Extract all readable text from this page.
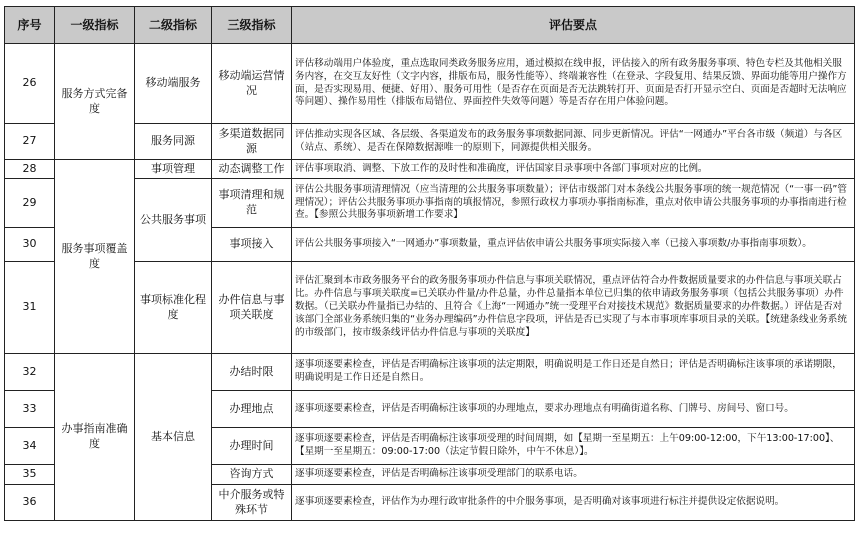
序号	一级指标	二级指标	三级指标	评估要点
26	服务方式完备度	移动端服务	移动端运营情况	评估移动端用户体验度，重点选取同类政务服务应用，通过模拟在线申报，评估接入的所有政务服务事项、特色专栏及其他相关服务内容，在交互友好性（文字内容，排版布局，服务性能等）、终端兼容性（在登录、字段复用、结果反馈、界面功能等用户操作方面，是否实现易用、便捷、好用）、服务可用性（是否存在页面是否无法跳转打开、页面是否打开显示空白、页面是否超时无法响应等问题）、操作易用性（排版布局错位、界面控件失效等问题）等是否存在用户体验问题。
27		服务同源	多渠道数据同源	评估推动实现各区域、各层级、各渠道发布的政务服务事项数据同源、同步更新情况。评估“一网通办”平台各市级（频道）与各区（站点、系统）、是否在保障数据源唯一的原则下，同源提供相关服务。
28	服务事项覆盖度	事项管理	动态调整工作	评估事项取消、调整、下放工作的及时性和准确度，评估国家目录事项中各部门事项对应的比例。
29		公共服务事项	事项清理和规范	评估公共服务事项清理情况（应当清理的公共服务事项数量）；评估市级部门对本条线公共服务事项的统一规范情况（“一事一码”管理情况）；评估公共服务事项办事指南的填报情况，参照行政权力事项办事指南标准，重点对依申请公共服务事项的办事指南进行检查。【参照公共服务事项新增工作要求】
30			事项接入	评估公共服务事项接入“一网通办”事项数量，重点评估依申请公共服务事项实际接入率（已接入事项数/办事指南事项数）。
31		事项标准化程度	办件信息与事项关联度	评估汇聚到本市政务服务平台的政务服务事项办件信息与事项关联情况，重点评估符合办件数据质量要求的办件信息与事项关联占比。办件信息与事项关联度=已关联办件量/办件总量，办件总量指本单位已归集的依申请政务服务事项（包括公共服务事项）办件数据。（已关联办件量指已办结的、且符合《上海“一网通办”统一受理平台对接技术规范》数据质量要求的办件数据。）评估是否对该部门全部业务系统归集的“业务办理编码”办件信息字段项，评估是否已实现了与本市事项库事项目录的关联。【统建条线业务系统的市级部门，按市级条线评估办件信息与事项的关联度】
32	办事指南准确度	基本信息	办结时限	逐事项逐要素检查，评估是否明确标注该事项的法定期限，明确说明是工作日还是自然日；评估是否明确标注该事项的承诺期限，明确说明是工作日还是自然日。
33			办理地点	逐事项逐要素检查，评估是否明确标注该事项的办理地点，要求办理地点有明确街道名称、门牌号、房间号、窗口号。
34			办理时间	逐事项逐要素检查，评估是否明确标注该事项受理的时间周期，如【星期一至星期五：上午09:00-12:00，下午13:00-17:00】、【星期一至星期五：09:00-17:00（法定节假日除外，中午不休息）】。
35			咨询方式	逐事项逐要素检查，评估是否明确标注该事项受理部门的联系电话。
36			中介服务或特殊环节	逐事项逐要素检查，评估作为办理行政审批条件的中介服务事项，是否明确对该事项进行标注并提供设定依据说明。
